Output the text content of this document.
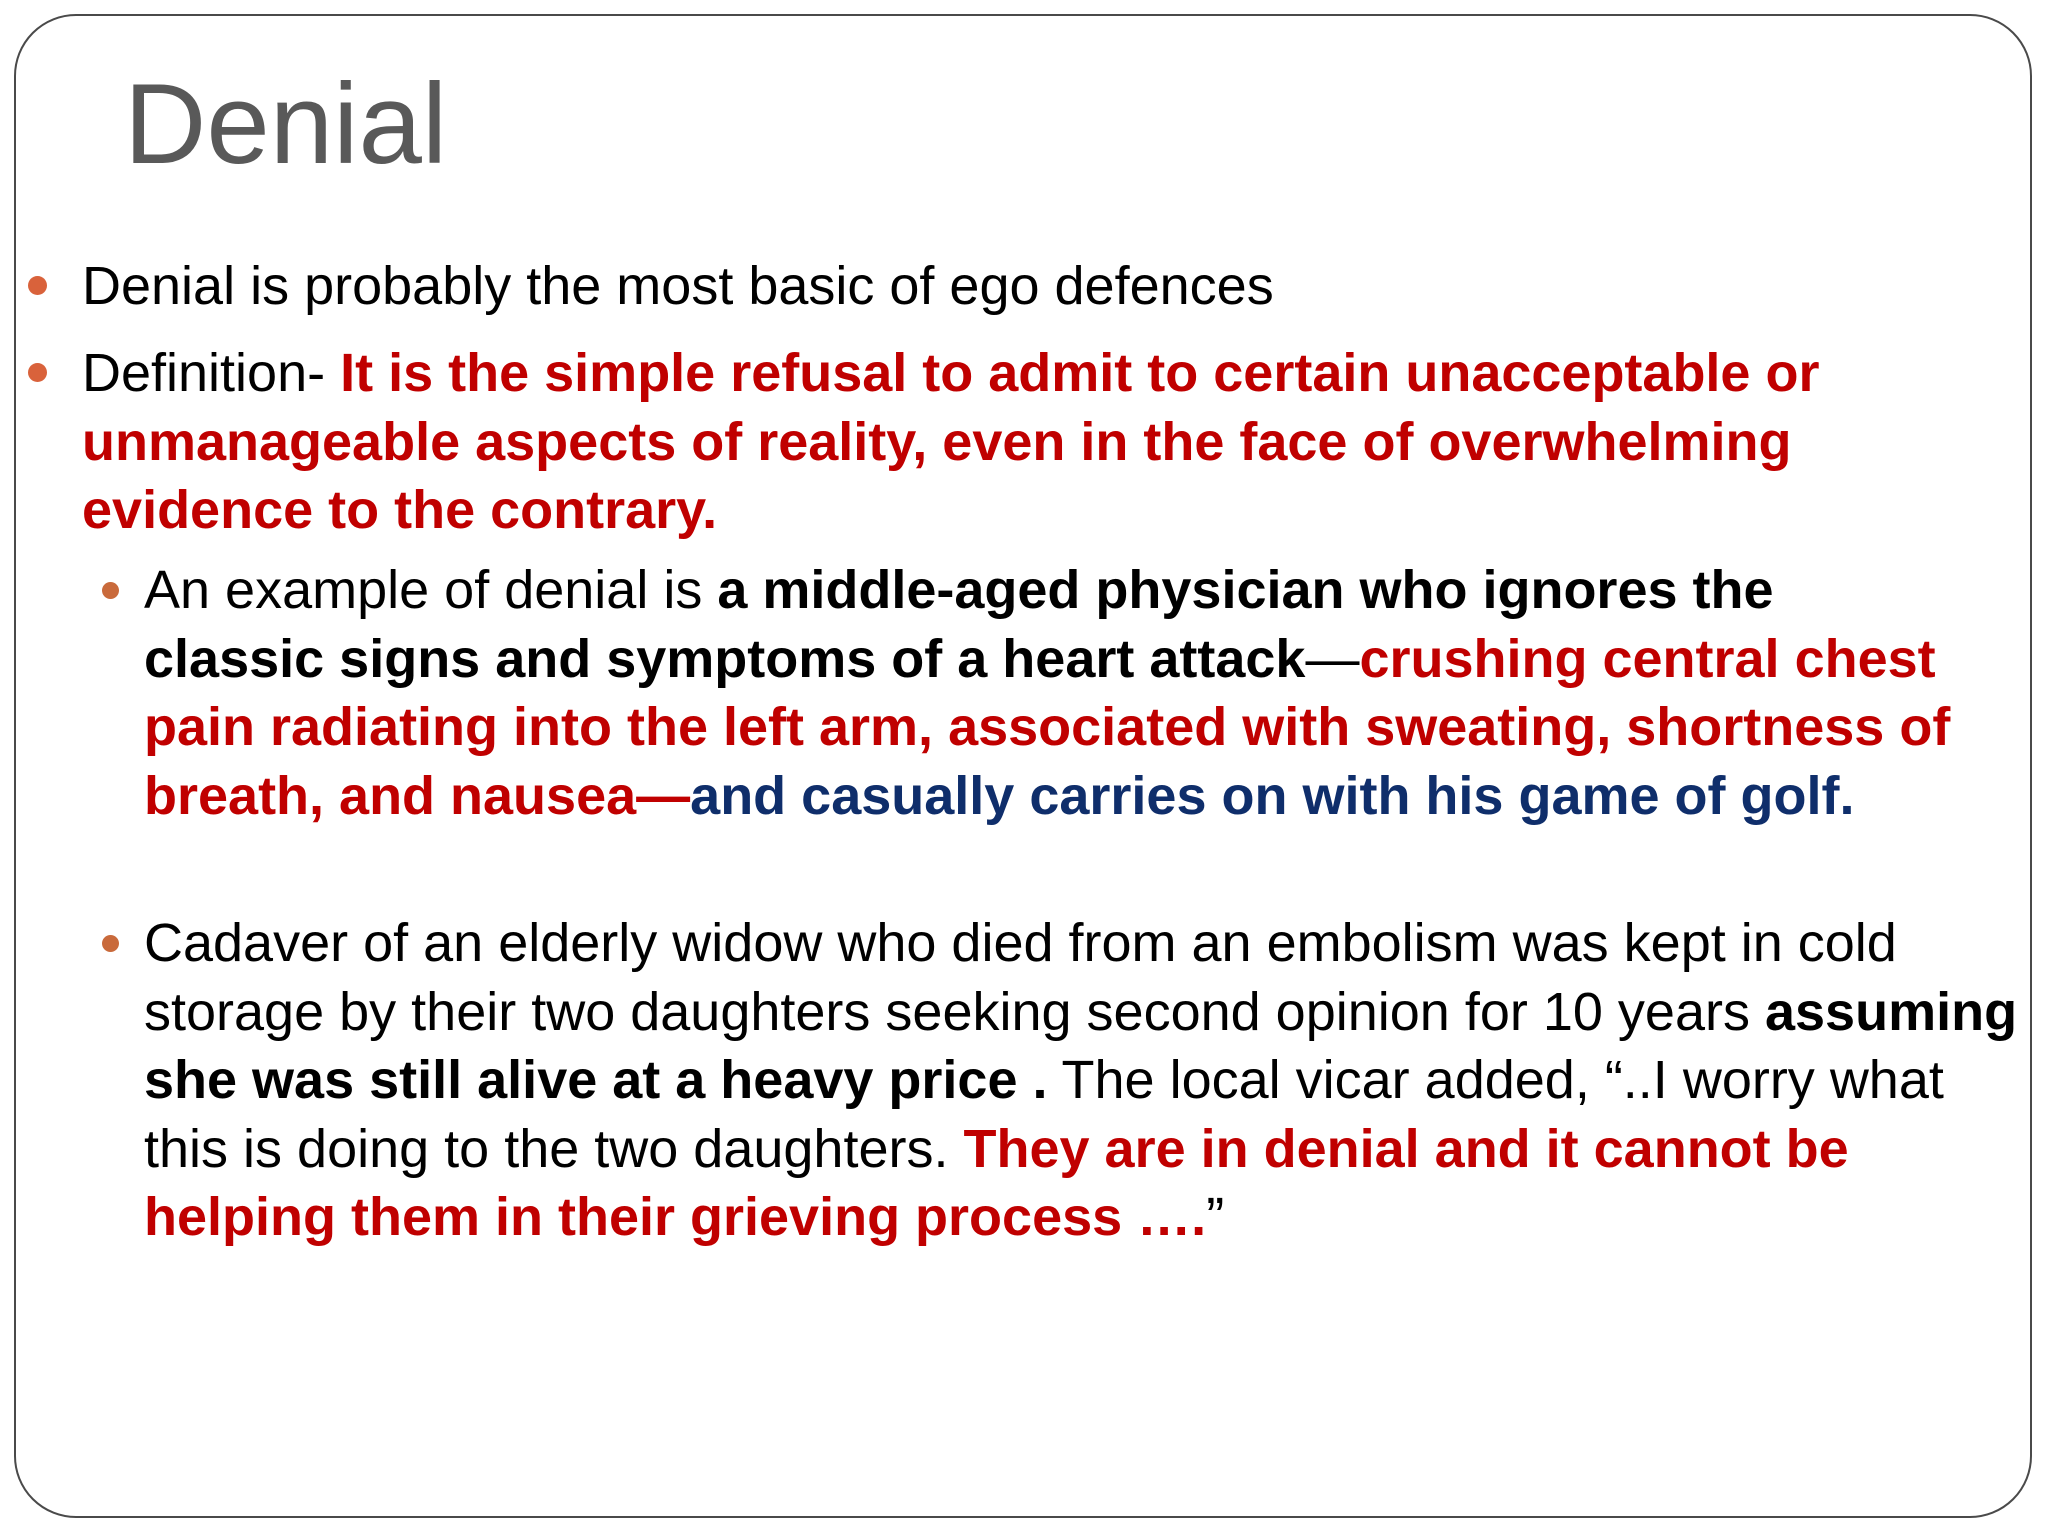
Denial
Denial is probably the most basic of ego defences
Definition- It is the simple refusal to admit to certain unacceptable or unmanageable aspects of reality, even in the face of overwhelming evidence to the contrary.
An example of denial is a middle-aged physician who ignores the classic signs and symptoms of a heart attack—crushing central chest pain radiating into the left arm, associated with sweating, shortness of breath, and nausea—and casually carries on with his game of golf.
Cadaver of an elderly widow who died from an embolism was kept in cold storage by their two daughters seeking second opinion for 10 years assuming she was still alive at a heavy price . The local vicar added, “..I worry what this is doing to the two daughters. They are in denial and it cannot be helping them in their grieving process ….”
